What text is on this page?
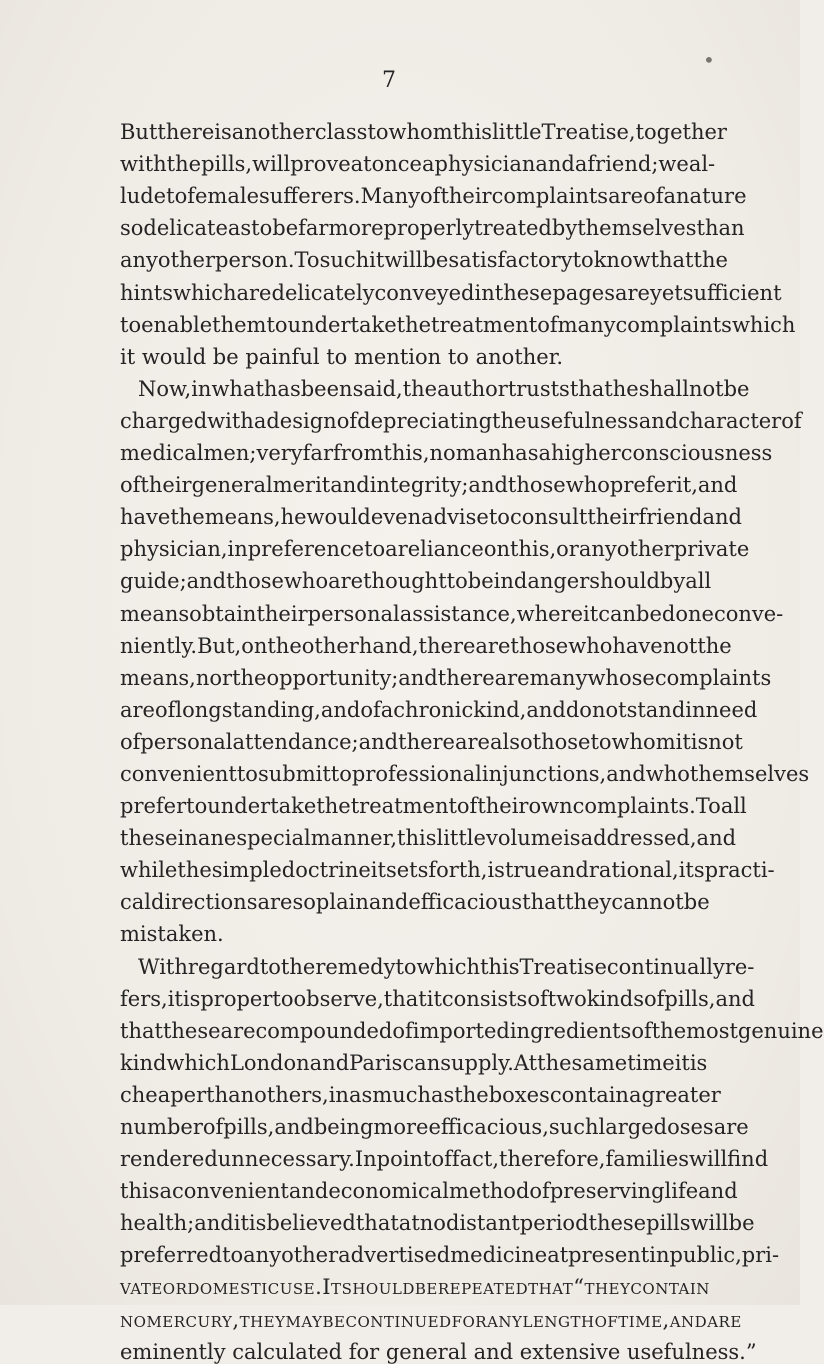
•
7
But there is another class to whom this little Treatise, together
with the pills, will prove at once a physician and a friend; we al-
lude to female sufferers. Many of their complaints are of a nature
so delicate as to be far more properly treated by themselves than
any other person. To such it will be satisfactory to know that the
hints which are delicately conveyed in these pages are yet sufficient
to enable them to undertake the treatment of many complaints which
it would be painful to mention to another.
Now, in what has been said, the author trusts that he shall not be
charged with a design of depreciating the usefulness and character of
medical men ; very far from this, no man has a higher consciousness
of their general merit and integrity ; and those who prefer it, and
have the means, he would even advise to consult their friend and
physician, in preference to a reliance on this, or any other private
guide ; and those who are thought to be in danger should by all
means obtain their personal assistance, where it can be done conve-
niently. But, on the other hand, there are those who have not the
means, nor the opportunity ; and there are many whose complaints
are of long standing, and of a chronic kind, and do not stand in need
of personal attendance; and there are also those to whom it is not
convenient to submit to professional injunctions, and who themselves
prefer to undertake the treatment of their own complaints. To all
these in an especial manner, this little volume is addressed, and
while the simple doctrine it sets forth, is true and rational, its practi-
cal directions are so plain and efficacious that they cannot be
mistaken.
With regard to the remedy to which this Treatise continually re-
fers, it is proper to observe, that it consists of two kinds of pills, and
that these are compounded of imported ingredients of the most genuine
kind which London and Paris can supply. At the same time it is
cheaper than others, in as much as the boxes contain a greater
number of pills, and being more efficacious, such large doses are
rendered unnecessary. In point of fact, therefore, families will find
this a convenient and economical method of preserving life and
health ; and it is believed that at no distant period these pills will be
preferred to any other advertised medicine at present in public, pri-
vate or domestic use. It should be repeated that “they contain
no mercury, they may be continued for any length of time, and are
eminently calculated for general and extensive usefulness.”
